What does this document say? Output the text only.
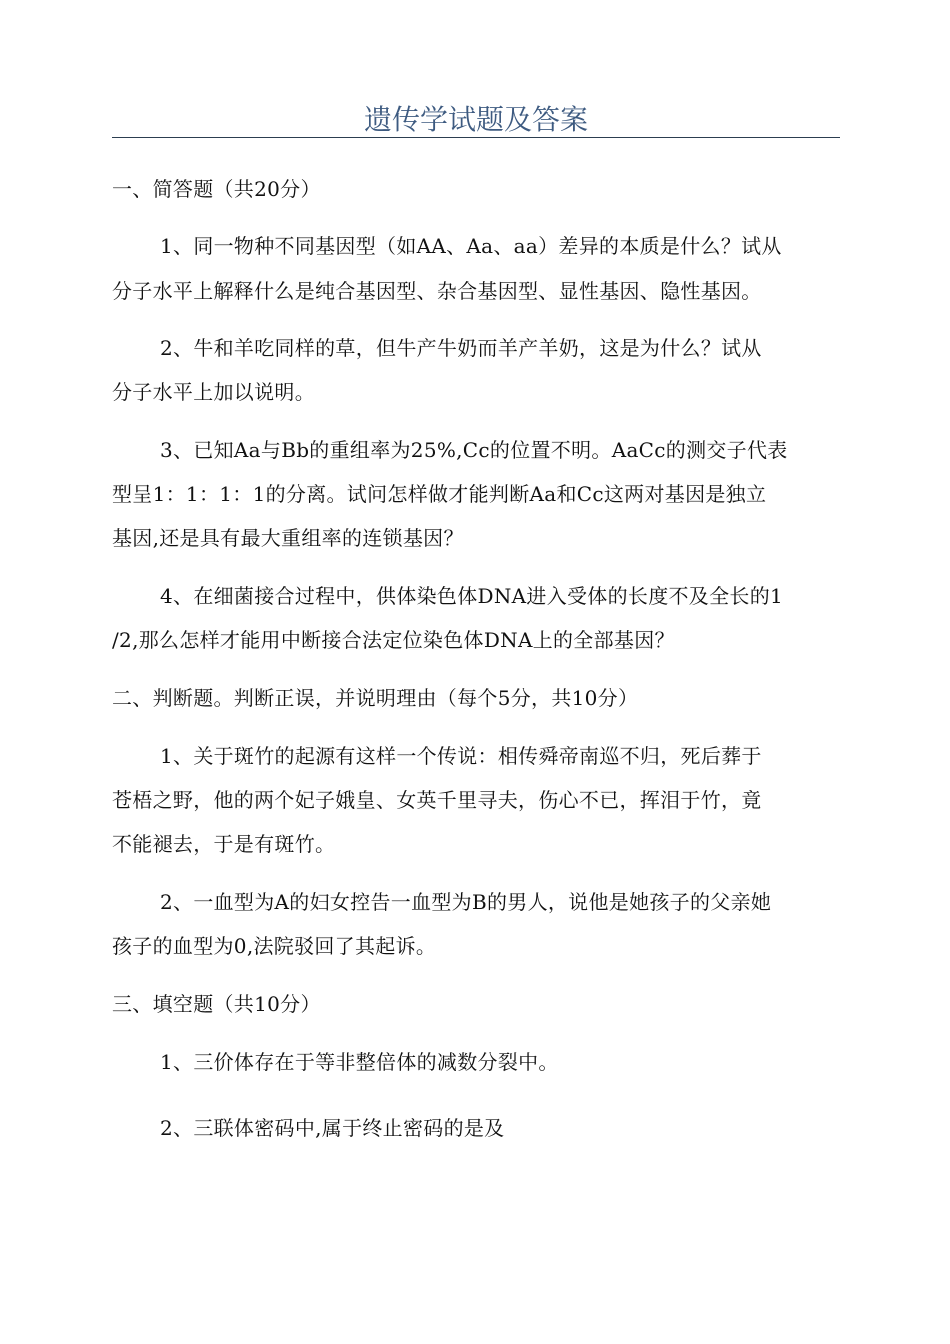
遗传学试题及答案
一、简答题（共20分）
1、同一物种不同基因型（如AA、Aa、aa）差异的本质是什么？试从
分子水平上解释什么是纯合基因型、杂合基因型、显性基因、隐性基因。
2、牛和羊吃同样的草，但牛产牛奶而羊产羊奶，这是为什么？试从
分子水平上加以说明。
3、已知Aa与Bb的重组率为25%,Cc的位置不明。AaCc的测交子代表
型呈1：1：1：1的分离。试问怎样做才能判断Aa和Cc这两对基因是独立
基因,还是具有最大重组率的连锁基因？
4、在细菌接合过程中，供体染色体DNA进入受体的长度不及全长的1
/2,那么怎样才能用中断接合法定位染色体DNA上的全部基因？
二、判断题。判断正误，并说明理由（每个5分，共10分）
1、关于斑竹的起源有这样一个传说：相传舜帝南巡不归，死后葬于
苍梧之野，他的两个妃子娥皇、女英千里寻夫，伤心不已，挥泪于竹，竟
不能褪去，于是有斑竹。
2、一血型为A的妇女控告一血型为B的男人，说他是她孩子的父亲她
孩子的血型为0,法院驳回了其起诉。
三、填空题（共10分）
1、三价体存在于等非整倍体的减数分裂中。
2、三联体密码中,属于终止密码的是及
